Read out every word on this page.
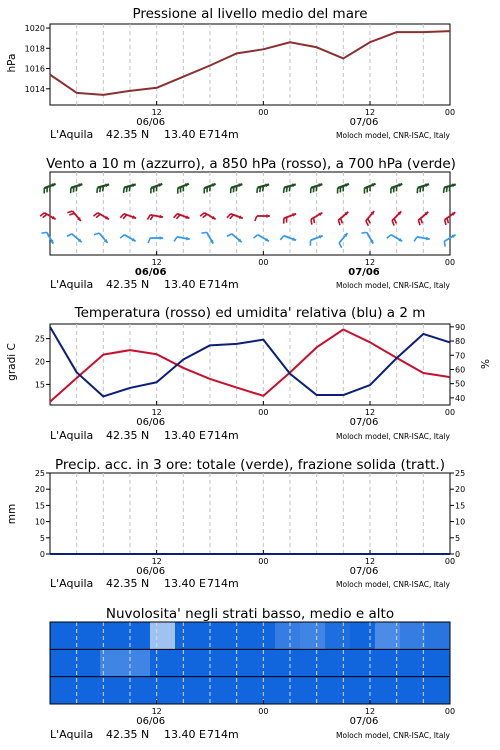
Pressione al livello medio del mare
hPa
12	00	12	00
1014
1016
1018
1020
06/06	07/06
L'Aquila 42.35 N 13.40 E 714m	Moloch model, CNR-ISAC, Italy
Vento a 10 m (azzurro), a 850 hPa (rosso), a 700 hPa (verde)
12	00	12	00
06/06	07/06
L'Aquila 42.35 N 13.40 E 714m	Moloch model, CNR-ISAC, Italy
Temperatura (rosso) ed umidita' relativa (blu) a 2 m
gradi C	%
12	00	12	00
15
20
25
40
50
60
70
80
90
06/06	07/06
L'Aquila 42.35 N 13.40 E 714m	Moloch model, CNR-ISAC, Italy
Precip. acc. in 3 ore: totale (verde), frazione solida (tratt.)
mm
12	00	12	00
0
5
10
15
20
25
0
5
10
15
20
25
06/06	07/06
L'Aquila 42.35 N 13.40 E 714m	Moloch model, CNR-ISAC, Italy
Nuvolosita' negli strati basso, medio e alto
12	00	12	00
06/06	07/06
L'Aquila 42.35 N 13.40 E 714m	Moloch model, CNR-ISAC, Italy
